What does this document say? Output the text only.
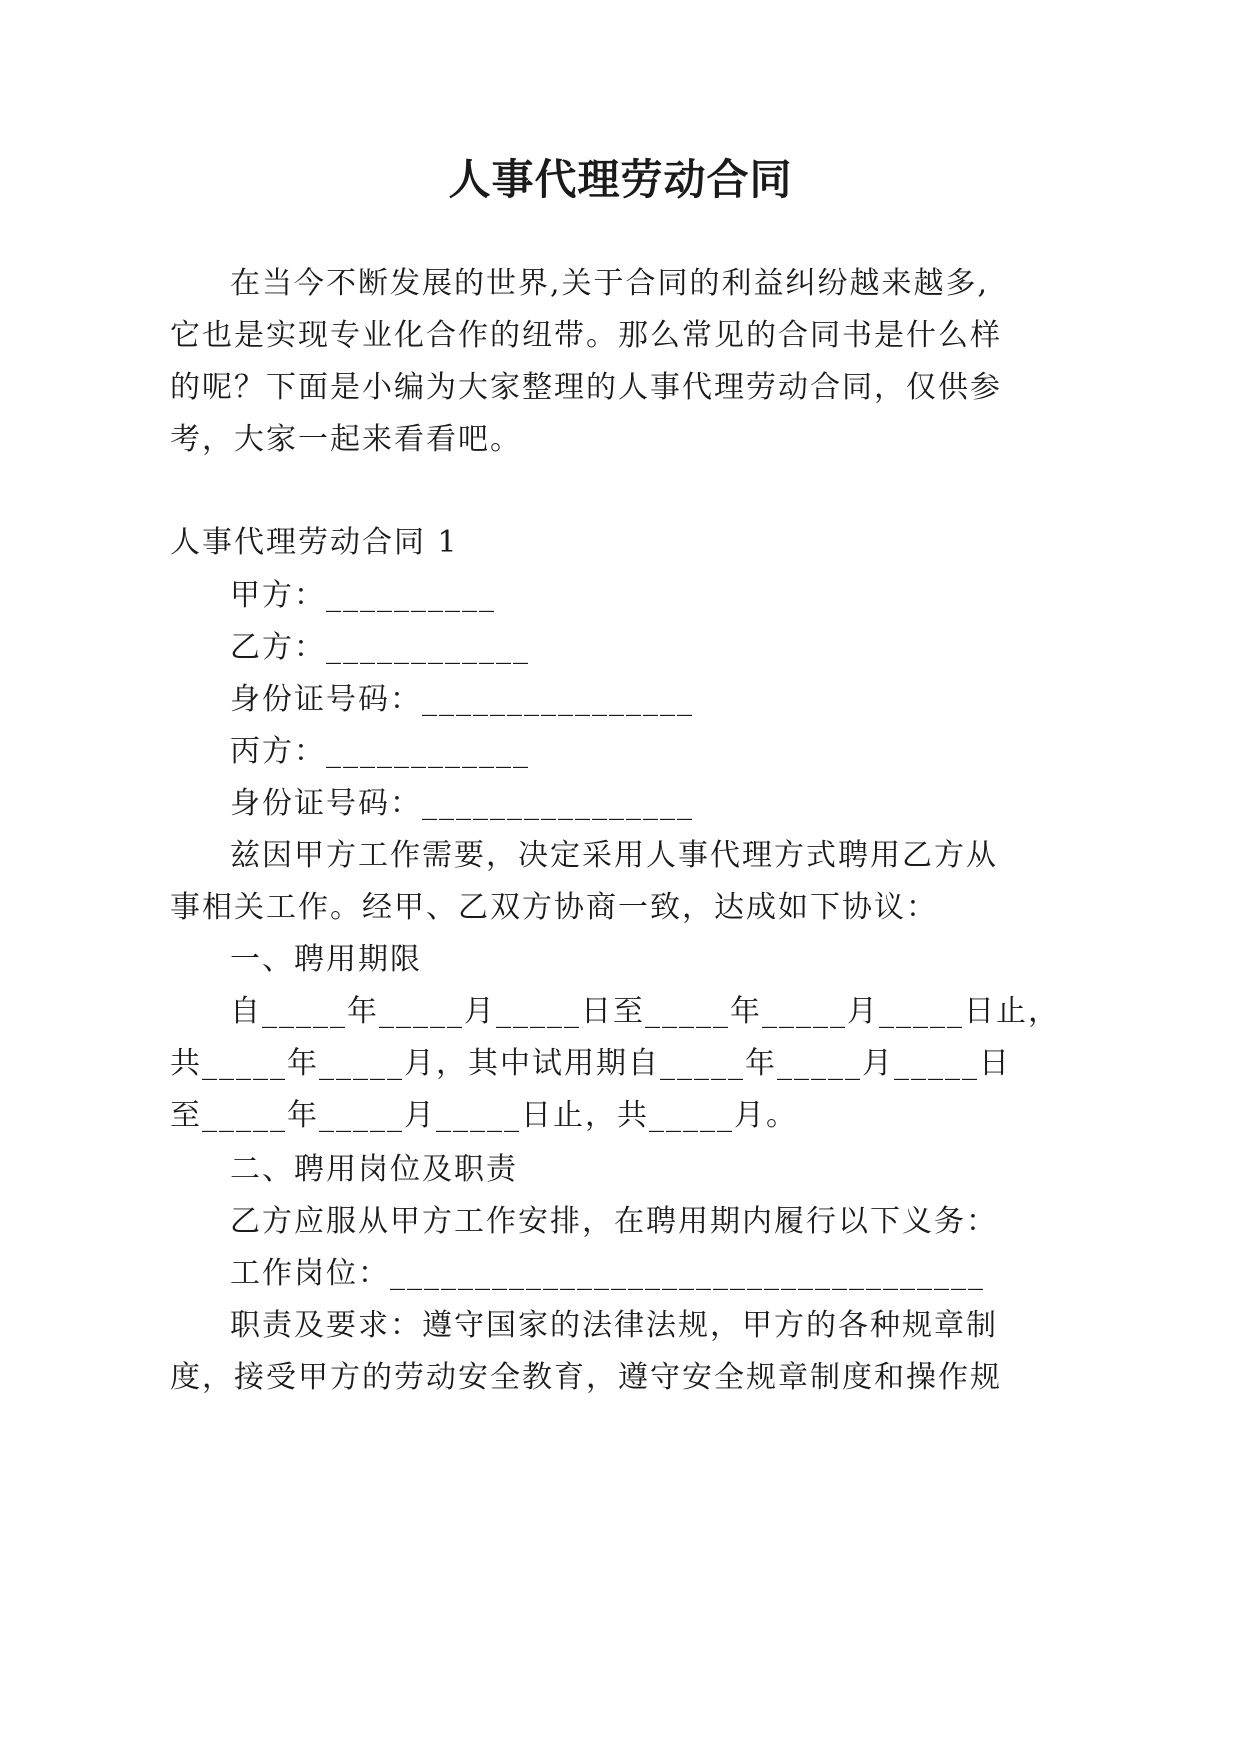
人事代理劳动合同
在当今不断发展的世界,关于合同的利益纠纷越来越多,
它也是实现专业化合作的纽带。那么常见的合同书是什么样
的呢？下面是小编为大家整理的人事代理劳动合同，仅供参
考，大家一起来看看吧。
人事代理劳动合同 1
甲方：__________
乙方：____________
身份证号码：________________
丙方：____________
身份证号码：________________
兹因甲方工作需要，决定采用人事代理方式聘用乙方从
事相关工作。经甲、乙双方协商一致，达成如下协议：
一、聘用期限
自_____年_____月_____日至_____年_____月_____日止，
共_____年_____月，其中试用期自_____年_____月_____日
至_____年_____月_____日止，共_____月。
二、聘用岗位及职责
乙方应服从甲方工作安排，在聘用期内履行以下义务：
工作岗位：___________________________________
职责及要求：遵守国家的法律法规，甲方的各种规章制
度，接受甲方的劳动安全教育，遵守安全规章制度和操作规
